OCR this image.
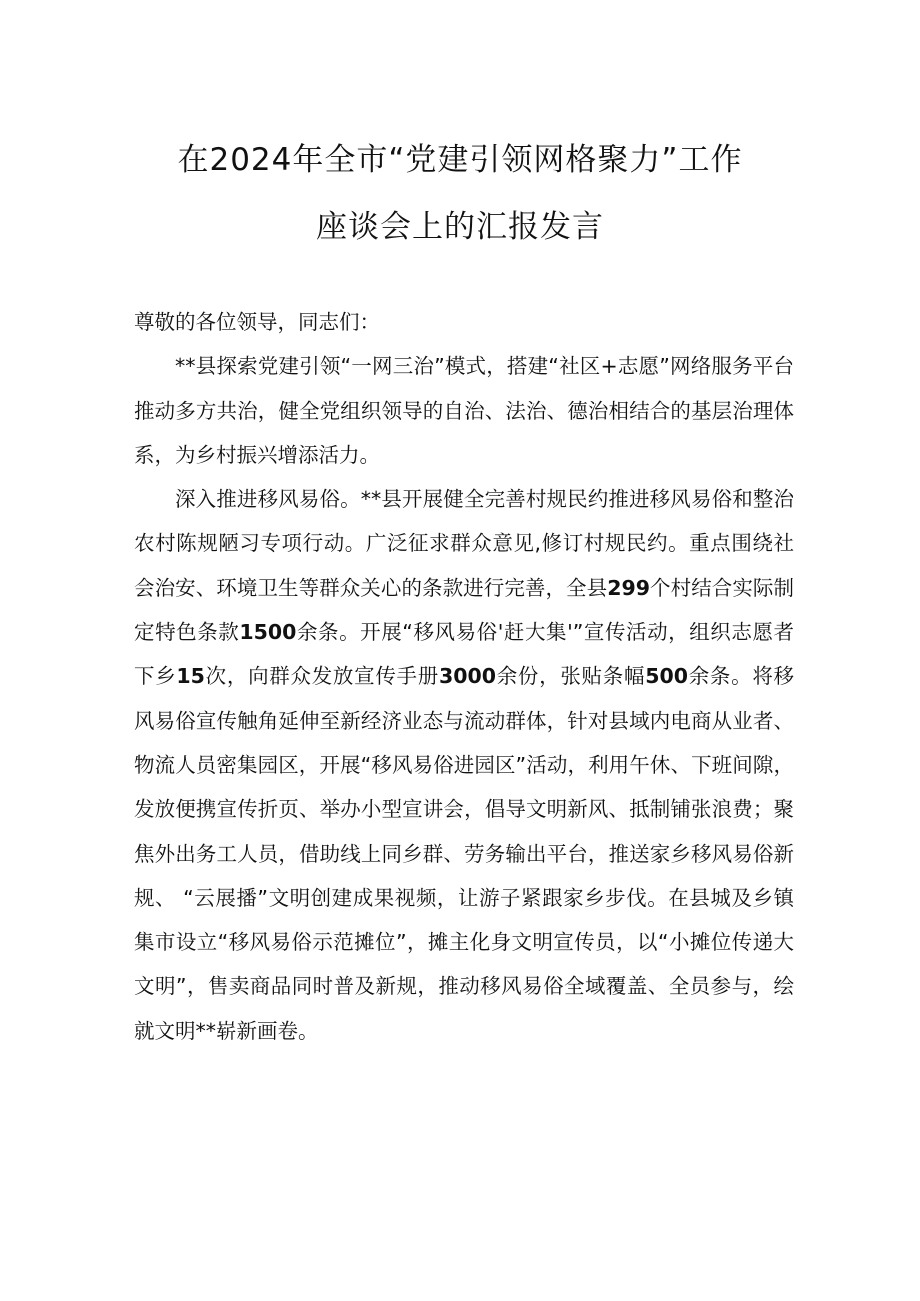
在2024年全市“党建引领网格聚力”工作
座谈会上的汇报发言

尊敬的各位领导，同志们：

**县探索党建引领“一网三治”模式，搭建“社区+志愿”网络服务平台推动多方共治，健全党组织领导的自治、法治、德治相结合的基层治理体系，为乡村振兴增添活力。

深入推进移风易俗。**县开展健全完善村规民约推进移风易俗和整治农村陈规陋习专项行动。广泛征求群众意见,修订村规民约。重点围绕社会治安、环境卫生等群众关心的条款进行完善，全县299个村结合实际制定特色条款1500余条。开展“移风易俗'赶大集'”宣传活动，组织志愿者下乡15次，向群众发放宣传手册3000余份，张贴条幅500余条。将移风易俗宣传触角延伸至新经济业态与流动群体，针对县域内电商从业者、物流人员密集园区，开展“移风易俗进园区”活动，利用午休、下班间隙，发放便携宣传折页、举办小型宣讲会，倡导文明新风、抵制铺张浪费；聚焦外出务工人员，借助线上同乡群、劳务输出平台，推送家乡移风易俗新规、 “云展播”文明创建成果视频，让游子紧跟家乡步伐。在县城及乡镇集市设立“移风易俗示范摊位”，摊主化身文明宣传员，以“小摊位传递大文明”，售卖商品同时普及新规，推动移风易俗全域覆盖、全员参与，绘就文明**崭新画卷。
